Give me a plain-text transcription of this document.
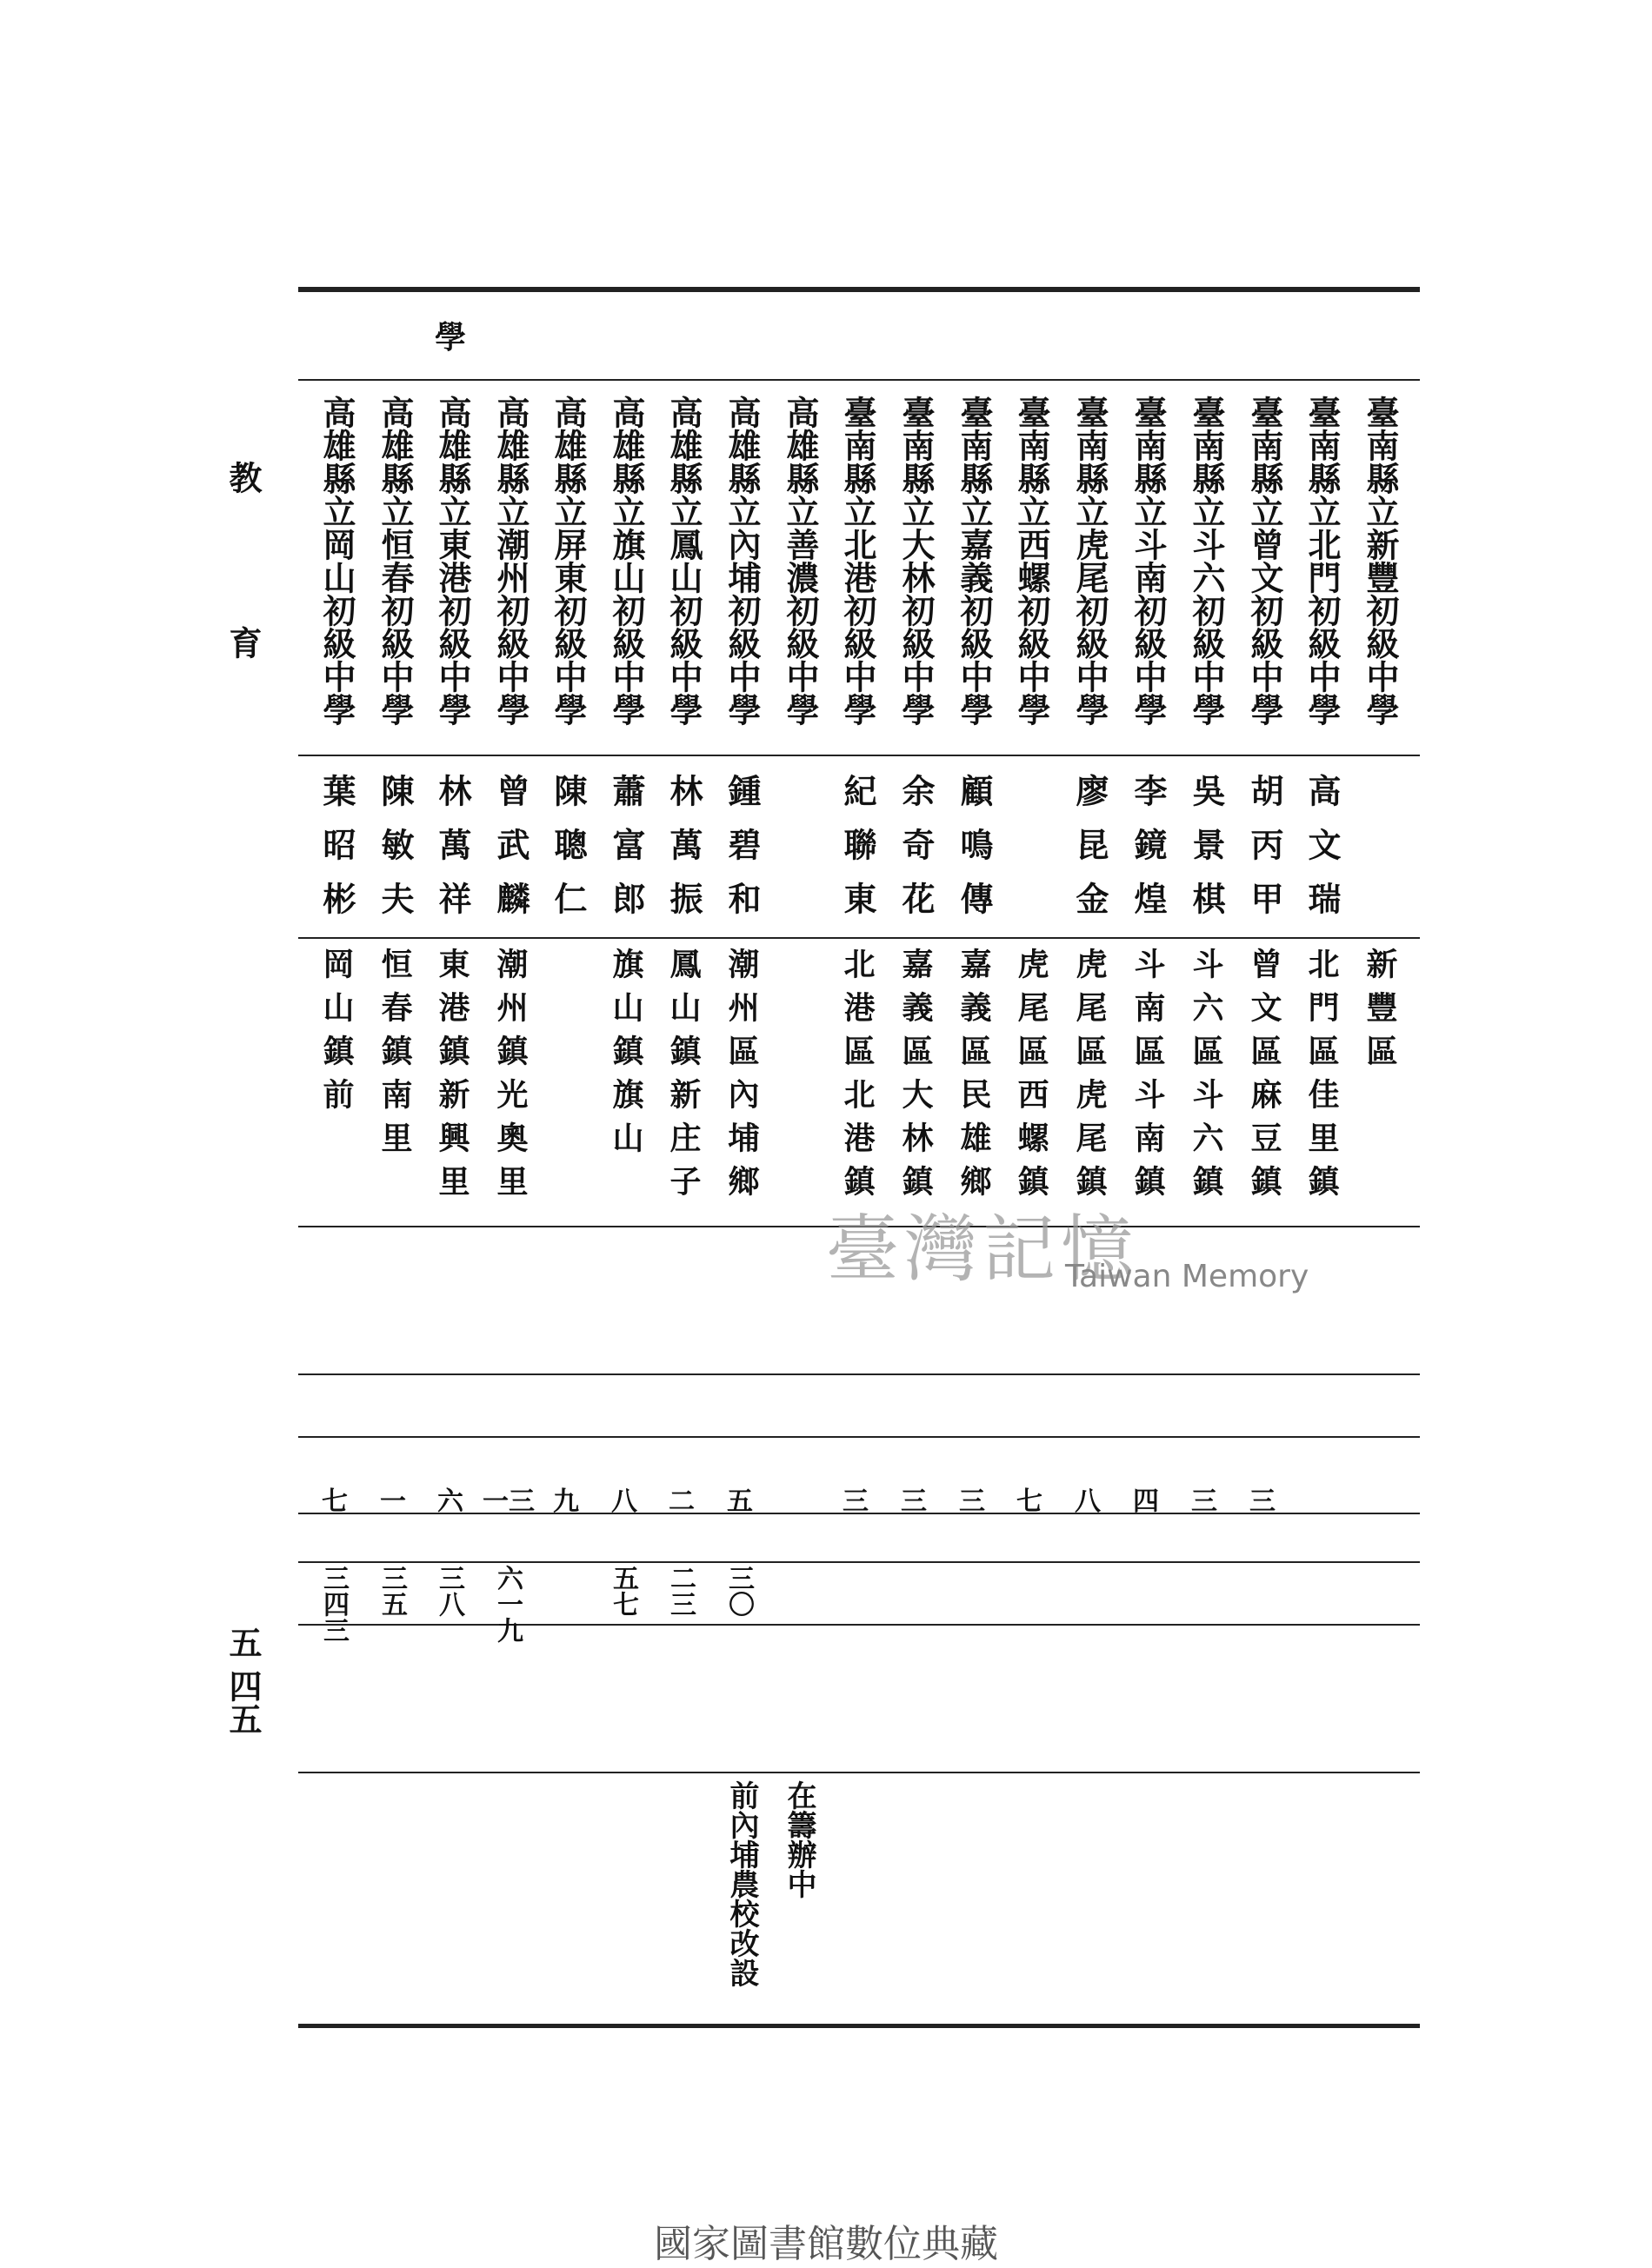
教
育
五
四五
學
臺南縣立新豐初級中學
新豐區
臺南縣立北門初級中學
高文瑞
北門區佳里鎮
臺南縣立曾文初級中學
胡丙甲
曾文區麻豆鎮
三
臺南縣立斗六初級中學
吳景棋
斗六區斗六鎮
三
臺南縣立斗南初級中學
李鏡煌
斗南區斗南鎮
四
臺南縣立虎尾初級中學
廖昆金
虎尾區虎尾鎮
八
臺南縣立西螺初級中學
虎尾區西螺鎮
七
臺南縣立嘉義初級中學
顧鳴傳
嘉義區民雄鄉
三
臺南縣立大林初級中學
余奇花
嘉義區大林鎮
三
臺南縣立北港初級中學
紀聯東
北港區北港鎮
三
高雄縣立善濃初級中學
在籌辦中
高雄縣立內埔初級中學
鍾碧和
潮州區內埔鄉
五
三〇
前內埔農校改設
高雄縣立鳳山初級中學
林萬振
鳳山鎮新庄子
二
二三
高雄縣立旗山初級中學
蕭富郎
旗山鎮旗山
八
五七
高雄縣立屏東初級中學
陳聰仁
九
高雄縣立潮州初級中學
曾武麟
潮州鎮光奧里
一三
六一九
高雄縣立東港初級中學
林萬祥
東港鎮新興里
六
三八
高雄縣立恒春初級中學
陳敏夫
恒春鎮南里
一
三五
高雄縣立岡山初級中學
葉昭彬
岡山鎮前
七
三四三
臺灣記憶
Taiwan Memory
國家圖書館數位典藏
